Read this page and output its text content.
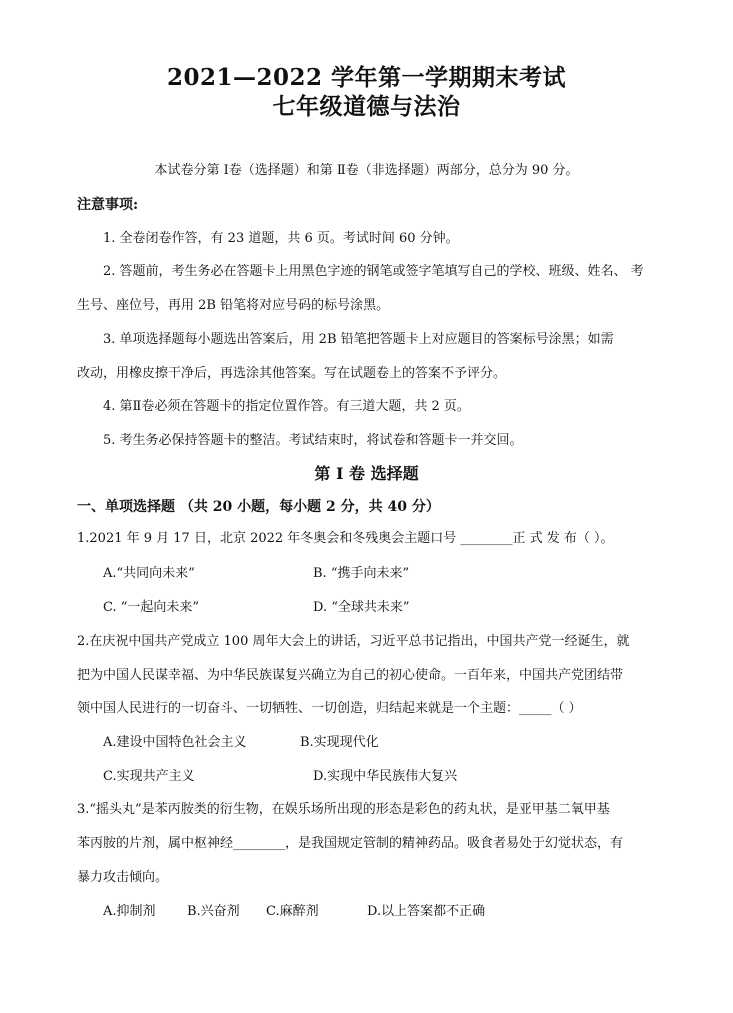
2021—2022 学年第一学期期末考试
七年级道德与法治
本试卷分第 Ⅰ卷（选择题）和第 Ⅱ卷（非选择题）两部分，总分为 90 分。
注意事项:
1. 全卷闭卷作答，有 23 道题，共 6 页。考试时间 60 分钟。
2. 答题前，考生务必在答题卡上用黑色字迹的钢笔或签字笔填写自己的学校、班级、姓名、 考
生号、座位号，再用 2B 铅笔将对应号码的标号涂黑。
3. 单项选择题每小题选出答案后，用 2B 铅笔把答题卡上对应题目的答案标号涂黑；如需
改动，用橡皮擦干净后，再选涂其他答案。写在试题卷上的答案不予评分。
4. 第Ⅱ卷必须在答题卡的指定位置作答。有三道大题，共 2 页。
5. 考生务必保持答题卡的整洁。考试结束时，将试卷和答题卡一并交回。
第 Ⅰ 卷 选择题
一、单项选择题 （共 20 小题，每小题 2 分，共 40 分）
1.2021 年 9 月 17 日，北京 2022 年冬奥会和冬残奥会主题口号 ________正 式 发 布（ ）。
A.“共同向未来”	B. “携手向未来”
C. “一起向未来”	D. “全球共未来”
2.在庆祝中国共产党成立 100 周年大会上的讲话，习近平总书记指出，中国共产党一经诞生，就
把为中国人民谋幸福、为中华民族谋复兴确立为自己的初心使命。一百年来，中国共产党团结带
领中国人民进行的一切奋斗、一切牺牲、一切创造，归结起来就是一个主题：_____（ ）
A.建设中国特色社会主义	B.实现现代化
C.实现共产主义	D.实现中华民族伟大复兴
3.“摇头丸”是苯丙胺类的衍生物，在娱乐场所出现的形态是彩色的药丸状，是亚甲基二氧甲基
苯丙胺的片剂，属中枢神经________，是我国规定管制的精神药品。吸食者易处于幻觉状态，有
暴力攻击倾向。
A.抑制剂 B.兴奋剂 C.麻醉剂	D.以上答案都不正确
